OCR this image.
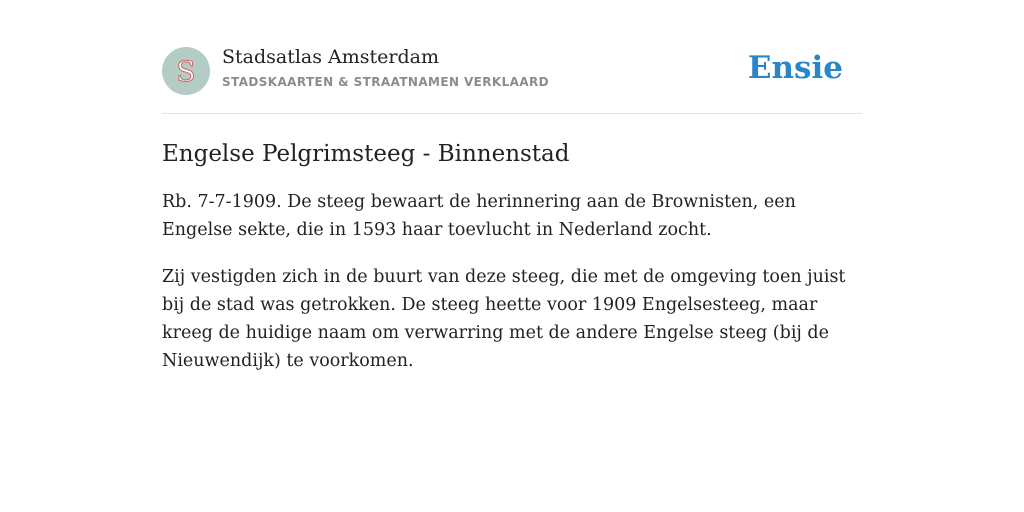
S Stadsatlas Amsterdam
STADSKAARTEN & STRAATNAMEN VERKLAARD	Ensie
Engelse Pelgrimsteeg - Binnenstad

Rb. 7-7-1909. De steeg bewaart de herinnering aan de Brownisten, een Engelse sekte, die in 1593 haar toevlucht in Nederland zocht.

Zij vestigden zich in de buurt van deze steeg, die met de omgeving toen juist bij de stad was getrokken. De steeg heette voor 1909 Engelsesteeg, maar kreeg de huidige naam om verwarring met de andere Engelse steeg (bij de Nieuwendijk) te voorkomen.
